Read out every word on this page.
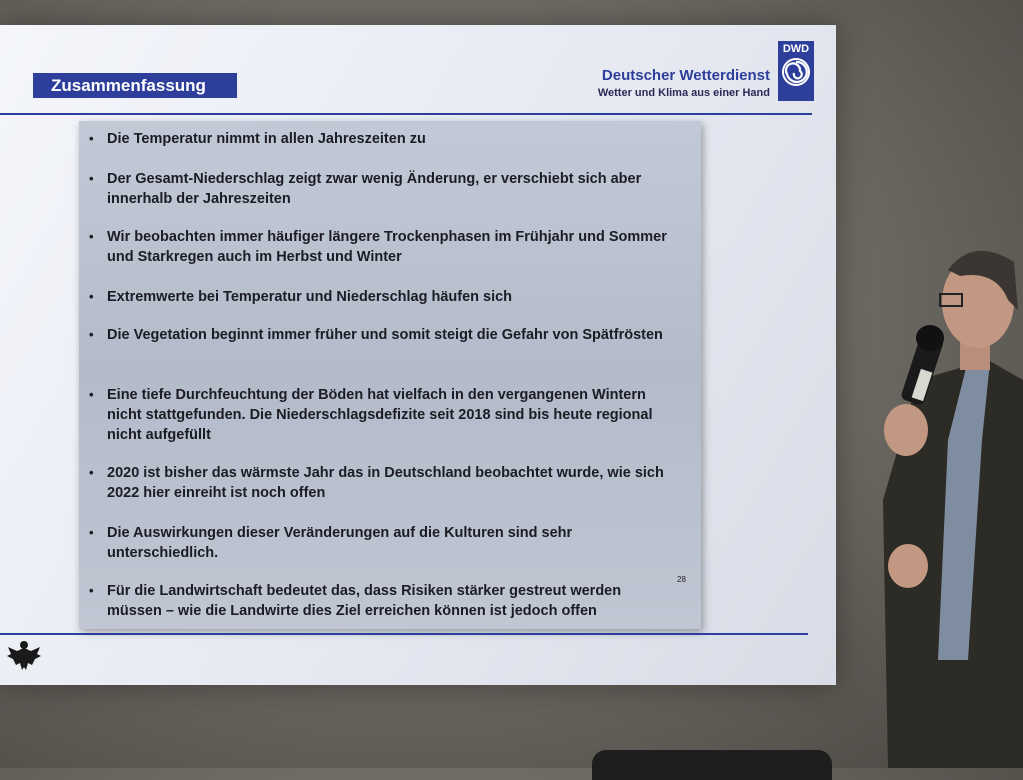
Zusammenfassung
Deutscher Wetterdienst
Wetter und Klima aus einer Hand
DWD
• Die Temperatur nimmt in allen Jahreszeiten zu
• Der Gesamt-Niederschlag zeigt zwar wenig Änderung, er verschiebt sich aber innerhalb der Jahreszeiten
• Wir beobachten immer häufiger längere Trockenphasen im Frühjahr und Sommer und Starkregen auch im Herbst und Winter
• Extremwerte bei Temperatur und Niederschlag häufen sich
• Die Vegetation beginnt immer früher und somit steigt die Gefahr von Spätfrösten
• Eine tiefe Durchfeuchtung der Böden hat vielfach in den vergangenen Wintern nicht stattgefunden. Die Niederschlagsdefizite seit 2018 sind bis heute regional nicht aufgefüllt
• 2020 ist bisher das wärmste Jahr das in Deutschland beobachtet wurde, wie sich 2022 hier einreiht ist noch offen
• Die Auswirkungen dieser Veränderungen auf die Kulturen sind sehr unterschiedlich.
• Für die Landwirtschaft bedeutet das, dass Risiken stärker gestreut werden müssen – wie die Landwirte dies Ziel erreichen können ist jedoch offen
28
